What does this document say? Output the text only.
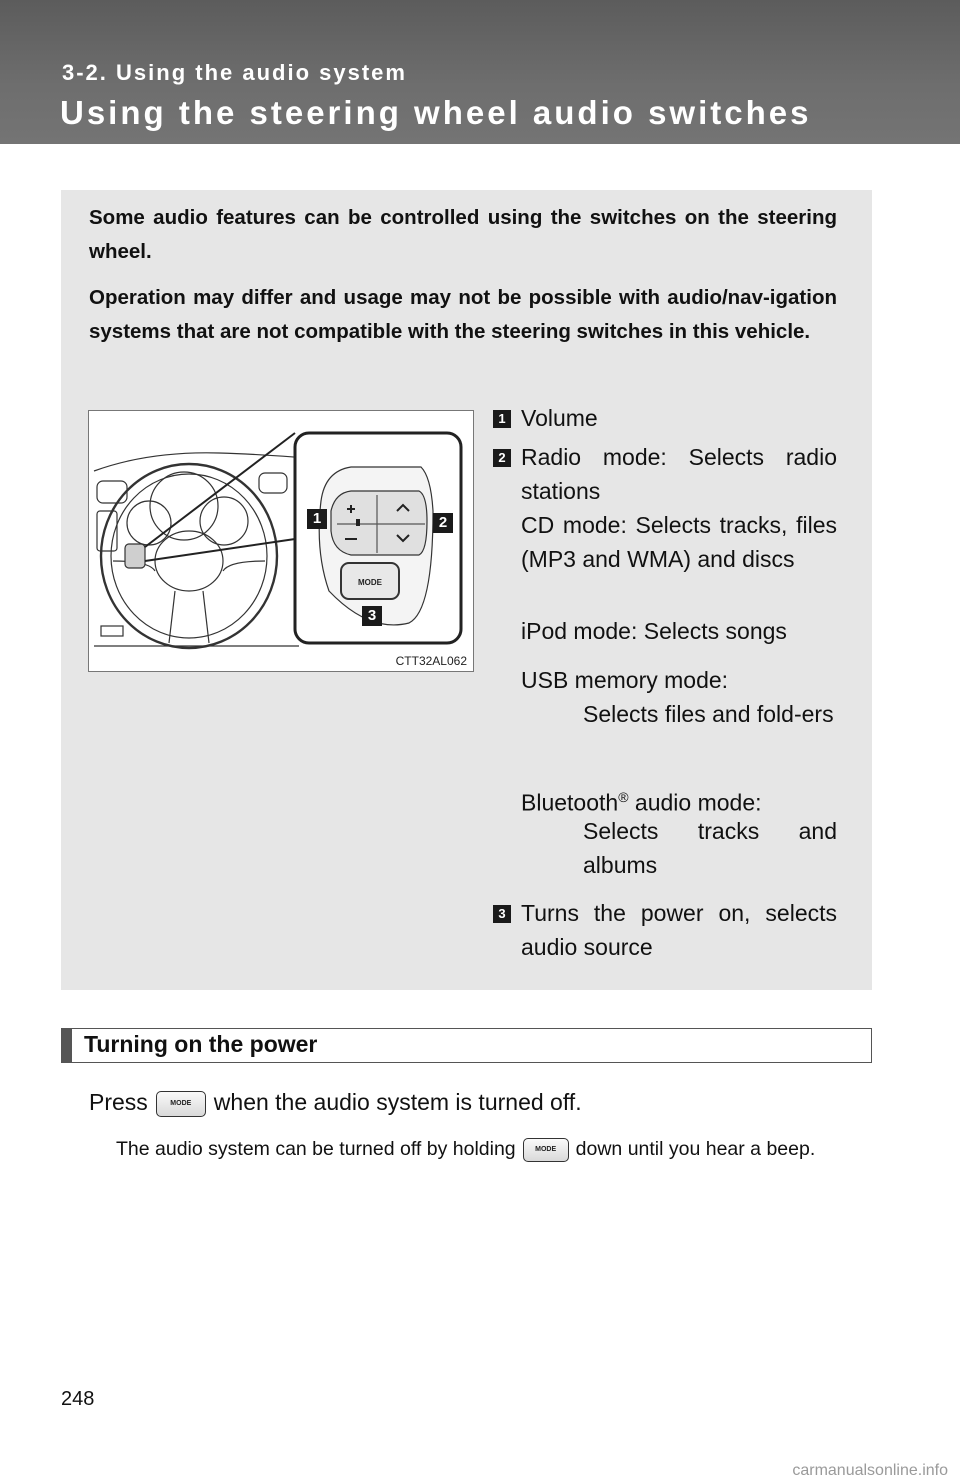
3-2. Using the audio system
Using the steering wheel audio switches

Some audio features can be controlled using the switches on the steering wheel.

Operation may differ and usage may not be possible with audio/nav-igation systems that are not compatible with the steering switches in this vehicle.

MODE
1	2
3
CTT32AL062
1 Volume

2 Radio mode: Selects radio stations

CD mode: Selects tracks, files (MP3 and WMA) and discs

iPod mode: Selects songs

USB memory mode:

Selects files and fold-ers

Bluetooth® audio mode:

Selects tracks and albums

3 Turns the power on, selects audio source

Turning on the power
Press	MODE when the audio system is turned off.
The audio system can be turned off by holding	MODE down until you hear a beep.
248
carmanualsonline.info
